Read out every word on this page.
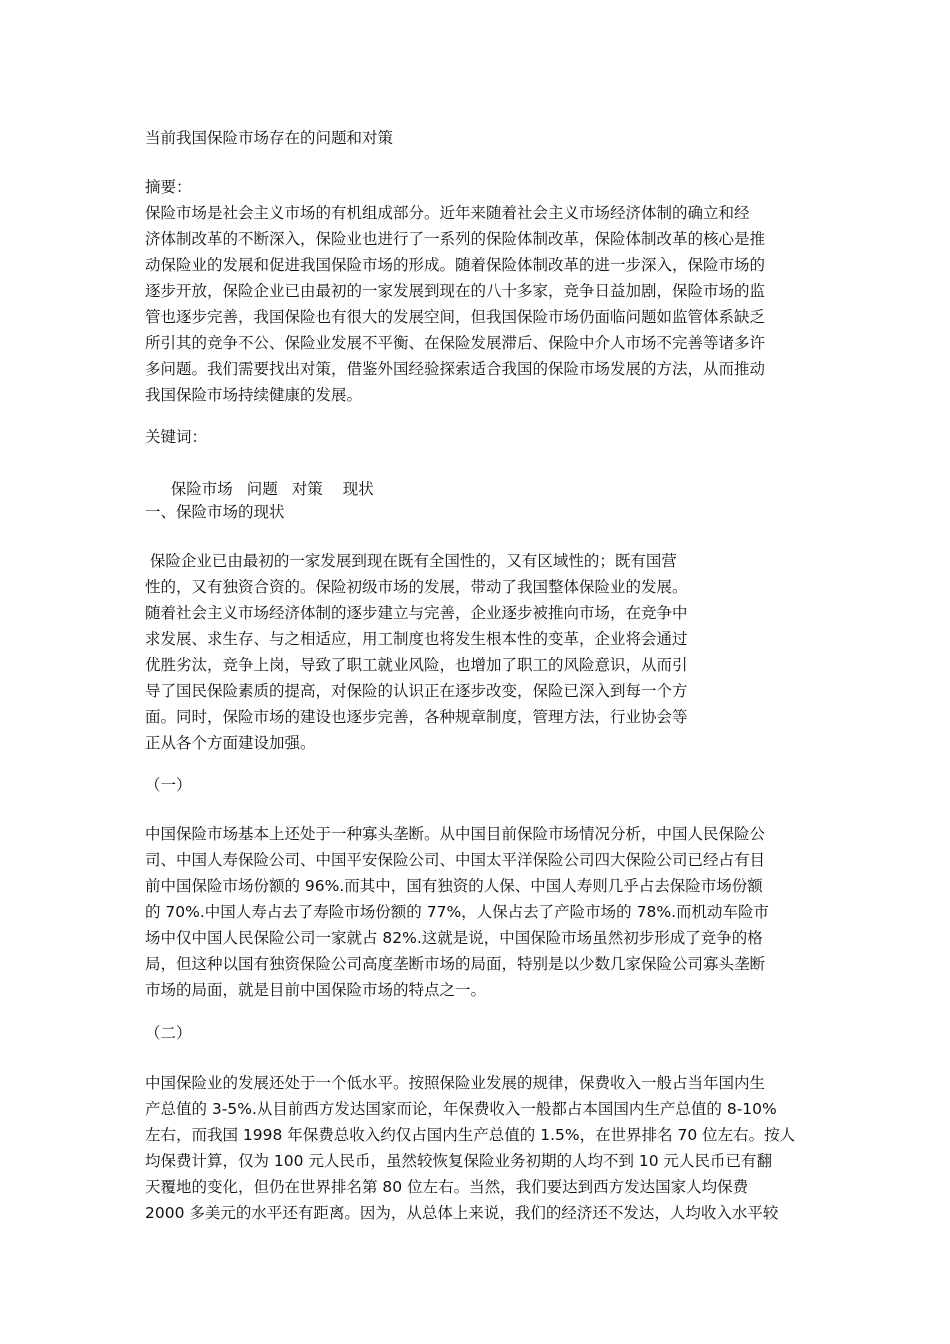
当前我国保险市场存在的问题和对策
摘要：
保险市场是社会主义市场的有机组成部分。近年来随着社会主义市场经济体制的确立和经
济体制改革的不断深入，保险业也进行了一系列的保险体制改革，保险体制改革的核心是推
动保险业的发展和促进我国保险市场的形成。随着保险体制改革的进一步深入，保险市场的
逐步开放，保险企业已由最初的一家发展到现在的八十多家，竞争日益加剧，保险市场的监
管也逐步完善，我国保险也有很大的发展空间，但我国保险市场仍面临问题如监管体系缺乏
所引其的竞争不公、保险业发展不平衡、在保险发展滞后、保险中介人市场不完善等诸多许
多问题。我们需要找出对策，借鉴外国经验探索适合我国的保险市场发展的方法，从而推动
我国保险市场持续健康的发展。
关键词：

保险市场 问题 对策 现状

一、保险市场的现状
保险企业已由最初的一家发展到现在既有全国性的，又有区域性的；既有国营
性的，又有独资合资的。保险初级市场的发展，带动了我国整体保险业的发展。
随着社会主义市场经济体制的逐步建立与完善，企业逐步被推向市场，在竞争中
求发展、求生存、与之相适应，用工制度也将发生根本性的变革，企业将会通过
优胜劣汰，竞争上岗，导致了职工就业风险，也增加了职工的风险意识，从而引
导了国民保险素质的提高，对保险的认识正在逐步改变，保险已深入到每一个方
面。同时，保险市场的建设也逐步完善，各种规章制度，管理方法，行业协会等
正从各个方面建设加强。
（一）
中国保险市场基本上还处于一种寡头垄断。从中国目前保险市场情况分析，中国人民保险公
司、中国人寿保险公司、中国平安保险公司、中国太平洋保险公司四大保险公司已经占有目
前中国保险市场份额的 96%.而其中，国有独资的人保、中国人寿则几乎占去保险市场份额
的 70%.中国人寿占去了寿险市场份额的 77%，人保占去了产险市场的 78%.而机动车险市
场中仅中国人民保险公司一家就占 82%.这就是说，中国保险市场虽然初步形成了竞争的格
局，但这种以国有独资保险公司高度垄断市场的局面，特别是以少数几家保险公司寡头垄断
市场的局面，就是目前中国保险市场的特点之一。
（二）
中国保险业的发展还处于一个低水平。按照保险业发展的规律，保费收入一般占当年国内生
产总值的 3-5%.从目前西方发达国家而论，年保费收入一般都占本国国内生产总值的 8-10%
左右，而我国 1998 年保费总收入约仅占国内生产总值的 1.5%，在世界排名 70 位左右。按人
均保费计算，仅为 100 元人民币，虽然较恢复保险业务初期的人均不到 10 元人民币已有翻
天覆地的变化，但仍在世界排名第 80 位左右。当然，我们要达到西方发达国家人均保费
2000 多美元的水平还有距离。因为，从总体上来说，我们的经济还不发达，人均收入水平较
